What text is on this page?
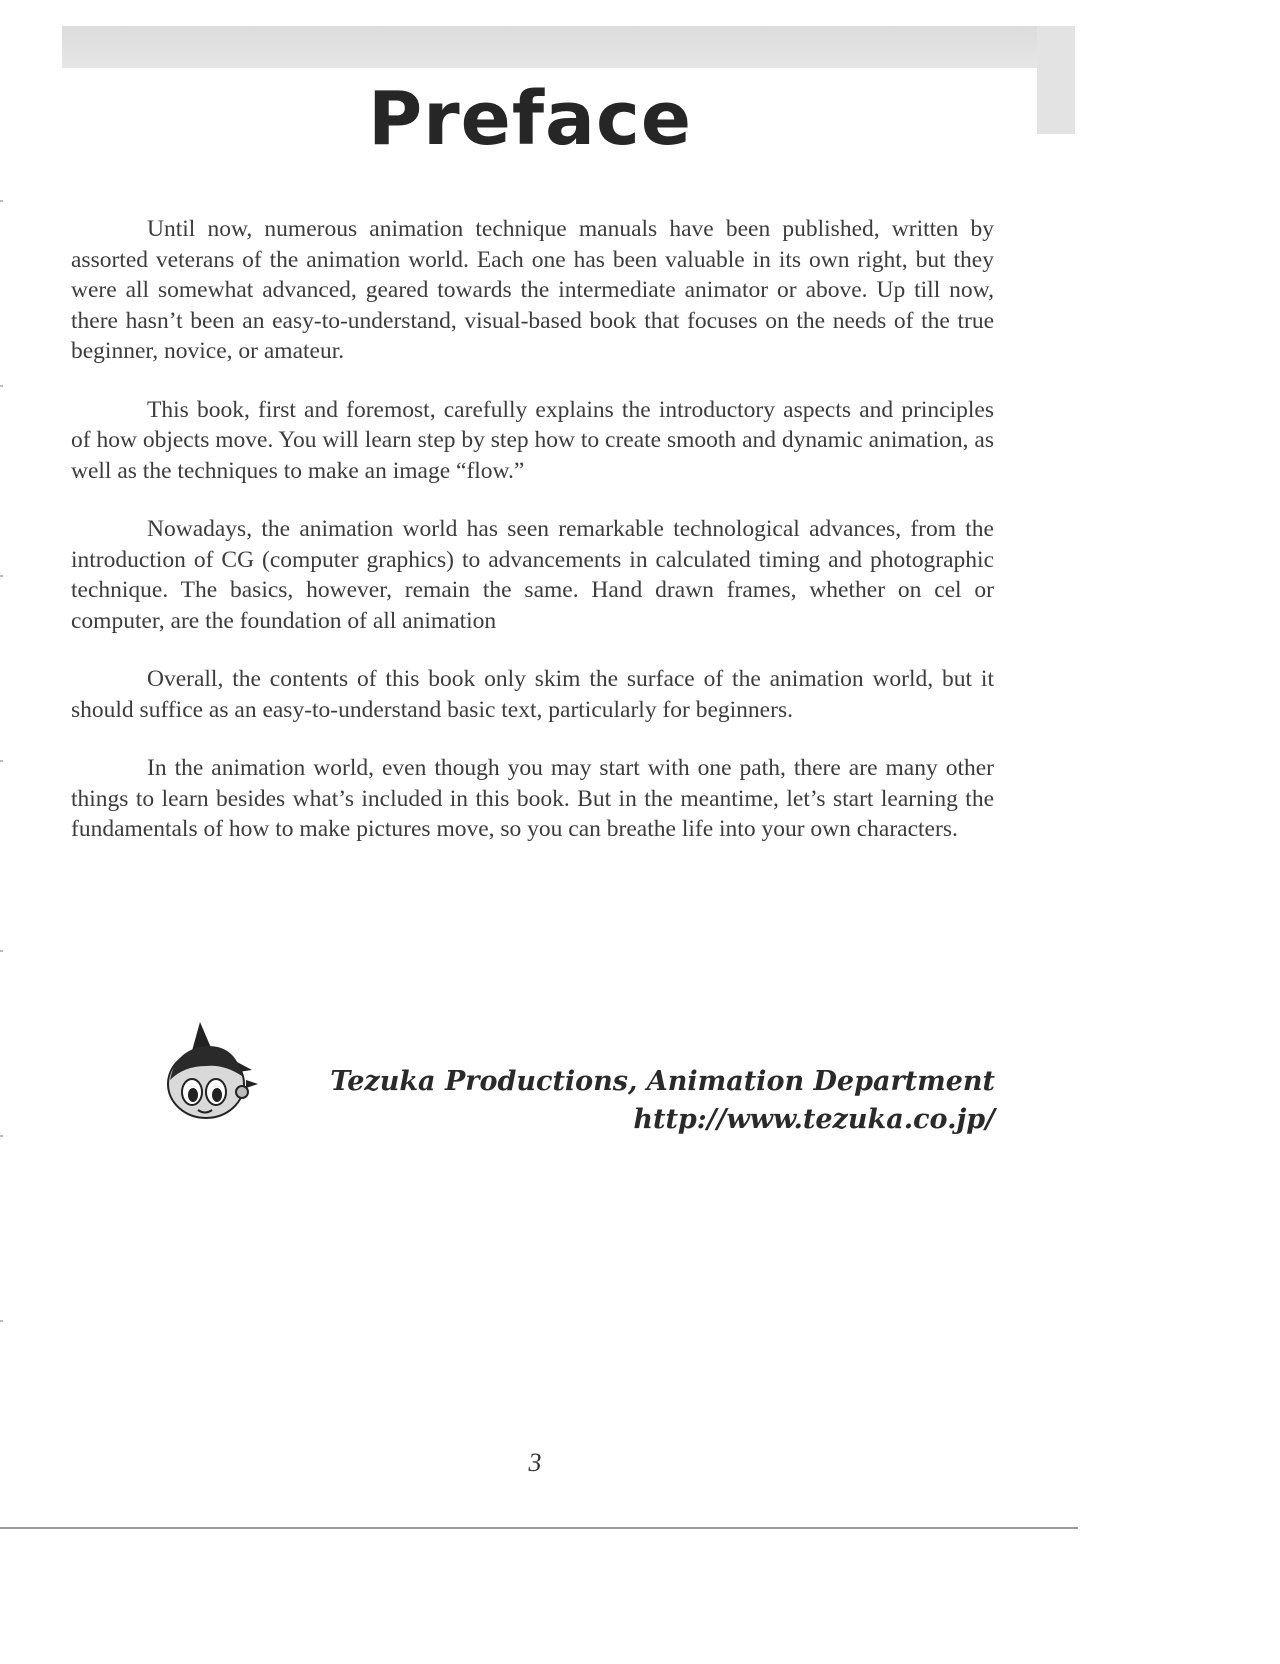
Preface

Until now, numerous animation technique manuals have been published, written by assorted veterans of the animation world. Each one has been valuable in its own right, but they were all somewhat advanced, geared towards the intermediate animator or above. Up till now, there hasn’t been an easy-to-understand, visual-based book that focuses on the needs of the true beginner, novice, or amateur.

This book, first and foremost, carefully explains the introductory aspects and principles of how objects move. You will learn step by step how to create smooth and dynamic animation, as well as the techniques to make an image “flow.”

Nowadays, the animation world has seen remarkable technological advances, from the introduction of CG (computer graphics) to advancements in calculated timing and photographic technique. The basics, however, remain the same. Hand drawn frames, whether on cel or computer, are the foundation of all animation

Overall, the contents of this book only skim the surface of the animation world, but it should suffice as an easy-to-understand basic text, particularly for beginners.

In the animation world, even though you may start with one path, there are many other things to learn besides what’s included in this book. But in the meantime, let’s start learning the fundamentals of how to make pictures move, so you can breathe life into your own characters.

Tezuka Productions, Animation Department
http://www.tezuka.co.jp/
3
